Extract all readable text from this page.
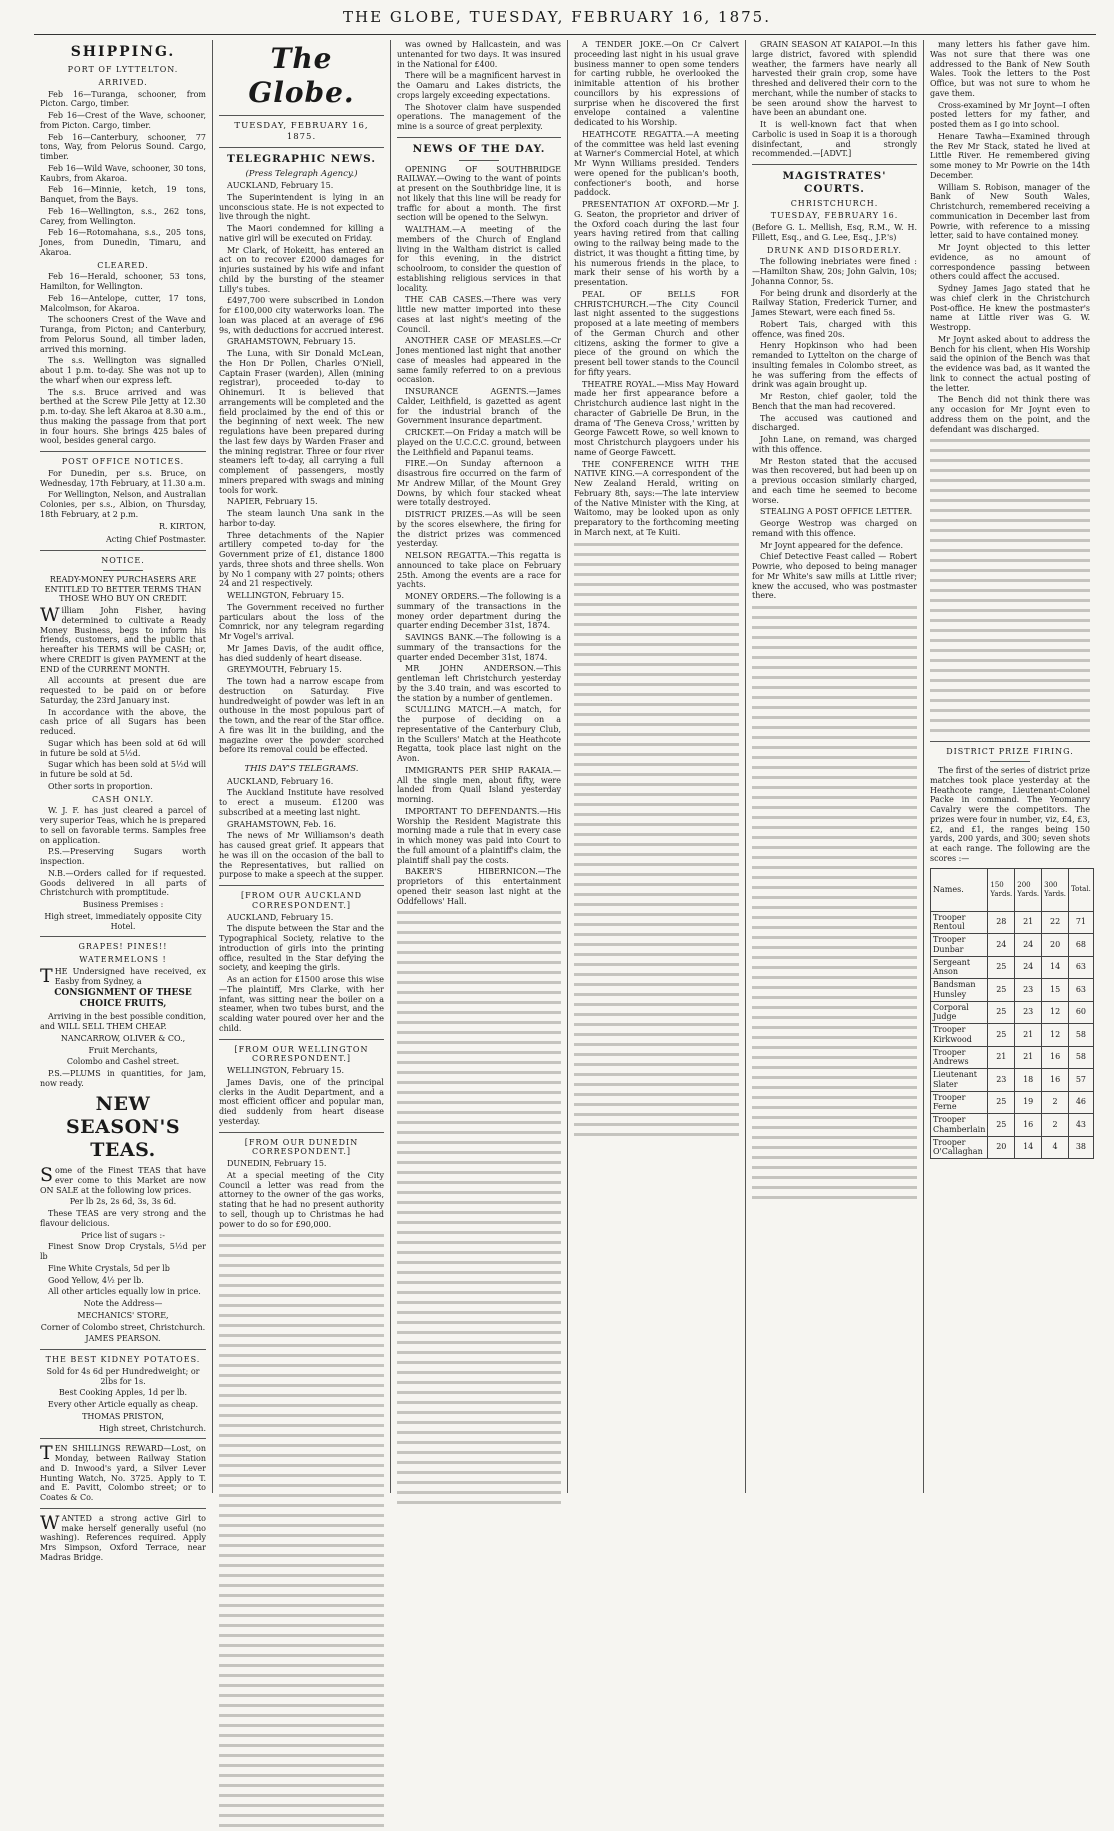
THE GLOBE, TUESDAY, FEBRUARY 16, 1875.
SHIPPING.
PORT OF LYTTELTON.
ARRIVED.

Feb 16—Turanga, schooner, from Picton. Cargo, timber.

Feb 16—Crest of the Wave, schooner, from Picton. Cargo, timber.

Feb 16—Canterbury, schooner, 77 tons, Way, from Pelorus Sound. Cargo, timber.

Feb 16—Wild Wave, schooner, 30 tons, Kaubrs, from Akaroa.

Feb 16—Minnie, ketch, 19 tons, Banquet, from the Bays.

Feb 16—Wellington, s.s., 262 tons, Carey, from Wellington.

Feb 16—Rotomahana, s.s., 205 tons, Jones, from Dunedin, Timaru, and Akaroa.

CLEARED.

Feb 16—Herald, schooner, 53 tons, Hamilton, for Wellington.

Feb 16—Antelope, cutter, 17 tons, Malcolmson, for Akaroa.

The schooners Crest of the Wave and Turanga, from Picton; and Canterbury, from Pelorus Sound, all timber laden, arrived this morning.

The s.s. Wellington was signalled about 1 p.m. to-day. She was not up to the wharf when our express left.

The s.s. Bruce arrived and was berthed at the Screw Pile Jetty at 12.30 p.m. to-day. She left Akaroa at 8.30 a.m., thus making the passage from that port in four hours. She brings 425 bales of wool, besides general cargo.

POST OFFICE NOTICES.

For Dunedin, per s.s. Bruce, on Wednesday, 17th February, at 11.30 a.m.

For Wellington, Nelson, and Australian Colonies, per s.s., Albion, on Thursday, 18th February, at 2 p.m.

R. KIRTON,
Acting Chief Postmaster.
NOTICE.

READY-MONEY PURCHASERS ARE ENTITLED TO BETTER TERMS THAN THOSE WHO BUY ON CREDIT.

William John Fisher, having determined to cultivate a Ready Money Business, begs to inform his friends, customers, and the public that hereafter his TERMS will be CASH; or, where CREDIT is given PAYMENT at the END of the CURRENT MONTH.

All accounts at present due are requested to be paid on or before Saturday, the 23rd January inst.

In accordance with the above, the cash price of all Sugars has been reduced.

Sugar which has been sold at 6d will in future be sold at 5½d.

Sugar which has been sold at 5½d will in future be sold at 5d.

Other sorts in proportion.

CASH ONLY.

W. J. F. has just cleared a parcel of very superior Teas, which he is prepared to sell on favorable terms. Samples free on application.

P.S.—Preserving Sugars worth inspection.

N.B.—Orders called for if requested. Goods delivered in all parts of Christchurch with promptitude.

Business Premises :
High street, immediately opposite City Hotel.
GRAPES! PINES!!
WATERMELONS !

THE Undersigned have received, ex Easby from Sydney, a

CONSIGNMENT OF THESE CHOICE FRUITS,

Arriving in the best possible condition, and WILL SELL THEM CHEAP.

NANCARROW, OLIVER & CO.,
Fruit Merchants,
Colombo and Cashel street.

P.S.—PLUMS in quantities, for jam, now ready.

NEW SEASON'S TEAS.

Some of the Finest TEAS that have ever come to this Market are now ON SALE at the following low prices.

Per lb 2s, 2s 6d, 3s, 3s 6d.

These TEAS are very strong and the flavour delicious.

Price list of sugars :-

Finest Snow Drop Crystals, 5½d per lb

Fine White Crystals, 5d per lb

Good Yellow, 4½ per lb.

All other articles equally low in price.

Note the Address—
MECHANICS' STORE,
Corner of Colombo street, Christchurch.
JAMES PEARSON.
THE BEST KIDNEY POTATOES.
Sold for 4s 6d per Hundredweight; or 2lbs for 1s.
Best Cooking Apples, 1d per lb.
Every other Article equally as cheap.
THOMAS PRISTON,
High street, Christchurch.

TEN SHILLINGS REWARD—Lost, on Monday, between Railway Station and D. Inwood's yard, a Silver Lever Hunting Watch, No. 3725. Apply to T. and E. Pavitt, Colombo street; or to Coates & Co.

WANTED a strong active Girl to make herself generally useful (no washing). References required. Apply Mrs Simpson, Oxford Terrace, near Madras Bridge.

The Globe.
TUESDAY, FEBRUARY 16, 1875.
TELEGRAPHIC NEWS.
(Press Telegraph Agency.)

AUCKLAND, February 15.

The Superintendent is lying in an unconscious state. He is not expected to live through the night.

The Maori condemned for killing a native girl will be executed on Friday.

Mr Clark, of Hokeitt, has entered an act on to recover £2000 damages for injuries sustained by his wife and infant child by the bursting of the steamer Lilly's tubes.

£497,700 were subscribed in London for £100,000 city waterworks loan. The loan was placed at an average of £96 9s, with deductions for accrued interest.

GRAHAMSTOWN, February 15.

The Luna, with Sir Donald McLean, the Hon Dr Pollen, Charles O'Niell, Captain Fraser (warden), Allen (mining registrar), proceeded to-day to Ohinemuri. It is believed that arrangements will be completed and the field proclaimed by the end of this or the beginning of next week. The new regulations have been prepared during the last few days by Warden Fraser and the mining registrar. Three or four river steamers left to-day, all carrying a full complement of passengers, mostly miners prepared with swags and mining tools for work.

NAPIER, February 15.

The steam launch Una sank in the harbor to-day.

Three detachments of the Napier artillery competed to-day for the Government prize of £1, distance 1800 yards, three shots and three shells. Won by No 1 company with 27 points; others 24 and 21 respectively.

WELLINGTON, February 15.

The Government received no further particulars about the loss of the Comnrick, nor any telegram regarding Mr Vogel's arrival.

Mr James Davis, of the audit office, has died suddenly of heart disease.

GREYMOUTH, February 15.

The town had a narrow escape from destruction on Saturday. Five hundredweight of powder was left in an outhouse in the most populous part of the town, and the rear of the Star office. A fire was lit in the building, and the magazine over the powder scorched before its removal could be effected.

THIS DAY'S TELEGRAMS.

AUCKLAND, February 16.

The Auckland Institute have resolved to erect a museum. £1200 was subscribed at a meeting last night.

GRAHAMSTOWN, Feb. 16.

The news of Mr Williamson's death has caused great grief. It appears that he was ill on the occasion of the ball to the Representatives, but rallied on purpose to make a speech at the supper.

[FROM OUR AUCKLAND CORRESPONDENT.]

AUCKLAND, February 15.

The dispute between the Star and the Typographical Society, relative to the introduction of girls into the printing office, resulted in the Star defying the society, and keeping the girls.

As an action for £1500 arose this wise—The plaintiff, Mrs Clarke, with her infant, was sitting near the boiler on a steamer, when two tubes burst, and the scalding water poured over her and the child.

[FROM OUR WELLINGTON CORRESPONDENT.]

WELLINGTON, February 15.

James Davis, one of the principal clerks in the Audit Department, and a most efficient officer and popular man, died suddenly from heart disease yesterday.

[FROM OUR DUNEDIN CORRESPONDENT.]

DUNEDIN, February 15.

At a special meeting of the City Council a letter was read from the attorney to the owner of the gas works, stating that he had no present authority to sell, though up to Christmas he had power to do so for £90,000.

was owned by Hallcastein, and was untenanted for two days. It was insured in the National for £400.

There will be a magnificent harvest in the Oamaru and Lakes districts, the crops largely exceeding expectations.

The Shotover claim have suspended operations. The management of the mine is a source of great perplexity.

NEWS OF THE DAY.

OPENING OF SOUTHBRIDGE RAILWAY.—Owing to the want of points at present on the Southbridge line, it is not likely that this line will be ready for traffic for about a month. The first section will be opened to the Selwyn.

WALTHAM.—A meeting of the members of the Church of England living in the Waltham district is called for this evening, in the district schoolroom, to consider the question of establishing religious services in that locality.

THE CAB CASES.—There was very little new matter imported into these cases at last night's meeting of the Council.

ANOTHER CASE OF MEASLES.—Cr Jones mentioned last night that another case of measles had appeared in the same family referred to on a previous occasion.

INSURANCE AGENTS.—James Calder, Leithfield, is gazetted as agent for the industrial branch of the Government insurance department.

CRICKET.—On Friday a match will be played on the U.C.C.C. ground, between the Leithfield and Papanui teams.

FIRE.—On Sunday afternoon a disastrous fire occurred on the farm of Mr Andrew Millar, of the Mount Grey Downs, by which four stacked wheat were totally destroyed.

DISTRICT PRIZES.—As will be seen by the scores elsewhere, the firing for the district prizes was commenced yesterday.

NELSON REGATTA.—This regatta is announced to take place on February 25th. Among the events are a race for yachts.

MONEY ORDERS.—The following is a summary of the transactions in the money order department during the quarter ending December 31st, 1874.

SAVINGS BANK.—The following is a summary of the transactions for the quarter ended December 31st, 1874.

MR JOHN ANDERSON.—This gentleman left Christchurch yesterday by the 3.40 train, and was escorted to the station by a number of gentlemen.

SCULLING MATCH.—A match, for the purpose of deciding on a representative of the Canterbury Club, in the Scullers' Match at the Heathcote Regatta, took place last night on the Avon.

IMMIGRANTS PER SHIP RAKAIA.—All the single men, about fifty, were landed from Quail Island yesterday morning.

IMPORTANT TO DEFENDANTS.—His Worship the Resident Magistrate this morning made a rule that in every case in which money was paid into Court to the full amount of a plaintiff's claim, the plaintiff shall pay the costs.

BAKER'S HIBERNICON.—The proprietors of this entertainment opened their season last night at the Oddfellows' Hall.

A TENDER JOKE.—On Cr Calvert proceeding last night in his usual grave business manner to open some tenders for carting rubble, he overlooked the inimitable attention of his brother councillors by his expressions of surprise when he discovered the first envelope contained a valentine dedicated to his Worship.

HEATHCOTE REGATTA.—A meeting of the committee was held last evening at Warner's Commercial Hotel, at which Mr Wynn Williams presided. Tenders were opened for the publican's booth, confectioner's booth, and horse paddock.

PRESENTATION AT OXFORD.—Mr J. G. Seaton, the proprietor and driver of the Oxford coach during the last four years having retired from that calling owing to the railway being made to the district, it was thought a fitting time, by his numerous friends in the place, to mark their sense of his worth by a presentation.

PEAL OF BELLS FOR CHRISTCHURCH.—The City Council last night assented to the suggestions proposed at a late meeting of members of the German Church and other citizens, asking the former to give a piece of the ground on which the present bell tower stands to the Council for fifty years.

THEATRE ROYAL.—Miss May Howard made her first appearance before a Christchurch audience last night in the character of Gabrielle De Brun, in the drama of 'The Geneva Cross,' written by George Fawcett Rowe, so well known to most Christchurch playgoers under his name of George Fawcett.

THE CONFERENCE WITH THE NATIVE KING.—A correspondent of the New Zealand Herald, writing on February 8th, says:—The late interview of the Native Minister with the King, at Waitomo, may be looked upon as only preparatory to the forthcoming meeting in March next, at Te Kuiti.

GRAIN SEASON AT KAIAPOI.—In this large district, favored with splendid weather, the farmers have nearly all harvested their grain crop, some have threshed and delivered their corn to the merchant, while the number of stacks to be seen around show the harvest to have been an abundant one.

It is well-known fact that when Carbolic is used in Soap it is a thorough disinfectant, and strongly recommended.—[ADVT.]

MAGISTRATES' COURTS.
CHRISTCHURCH.
TUESDAY, FEBRUARY 16.

(Before G. L. Mellish, Esq, R.M., W. H. Fillett, Esq., and G. Lee, Esq., J.P.'s)

DRUNK AND DISORDERLY.

The following inebriates were fined :—Hamilton Shaw, 20s; John Galvin, 10s; Johanna Connor, 5s.

For being drunk and disorderly at the Railway Station, Frederick Turner, and James Stewart, were each fined 5s.

Robert Tais, charged with this offence, was fined 20s.

Henry Hopkinson who had been remanded to Lyttelton on the charge of insulting females in Colombo street, as he was suffering from the effects of drink was again brought up.

Mr Reston, chief gaoler, told the Bench that the man had recovered.

The accused was cautioned and discharged.

John Lane, on remand, was charged with this offence.

Mr Reston stated that the accused was then recovered, but had been up on a previous occasion similarly charged, and each time he seemed to become worse.

STEALING A POST OFFICE LETTER.

George Westrop was charged on remand with this offence.

Mr Joynt appeared for the defence.

Chief Detective Feast called — Robert Powrie, who deposed to being manager for Mr White's saw mills at Little river; knew the accused, who was postmaster there.

many letters his father gave him. Was not sure that there was one addressed to the Bank of New South Wales. Took the letters to the Post Office, but was not sure to whom he gave them.

Cross-examined by Mr Joynt—I often posted letters for my father, and posted them as I go into school.

Henare Tawha—Examined through the Rev Mr Stack, stated he lived at Little River. He remembered giving some money to Mr Powrie on the 14th December.

William S. Robison, manager of the Bank of New South Wales, Christchurch, remembered receiving a communication in December last from Powrie, with reference to a missing letter, said to have contained money.

Mr Joynt objected to this letter evidence, as no amount of correspondence passing between others could affect the accused.

Sydney James Jago stated that he was chief clerk in the Christchurch Post-office. He knew the postmaster's name at Little river was G. W. Westropp.

Mr Joynt asked about to address the Bench for his client, when His Worship said the opinion of the Bench was that the evidence was bad, as it wanted the link to connect the actual posting of the letter.

The Bench did not think there was any occasion for Mr Joynt even to address them on the point, and the defendant was discharged.

DISTRICT PRIZE FIRING.

The first of the series of district prize matches took place yesterday at the Heathcote range, Lieutenant-Colonel Packe in command. The Yeomanry Cavalry were the competitors. The prizes were four in number, viz, £4, £3, £2, and £1, the ranges being 150 yards, 200 yards, and 300; seven shots at each range. The following are the scores :—

Names.	150 Yards.	200 Yards.	300 Yards.	Total.
Trooper Rentoul	28	21	22	71
Trooper Dunbar	24	24	20	68
Sergeant Anson	25	24	14	63
Bandsman Hunsley	25	23	15	63
Corporal Judge	25	23	12	60
Trooper Kirkwood	25	21	12	58
Trooper Andrews	21	21	16	58
Lieutenant Slater	23	18	16	57
Trooper Ferne	25	19	2	46
Trooper Chamberlain	25	16	2	43
Trooper O'Callaghan	20	14	4	38
